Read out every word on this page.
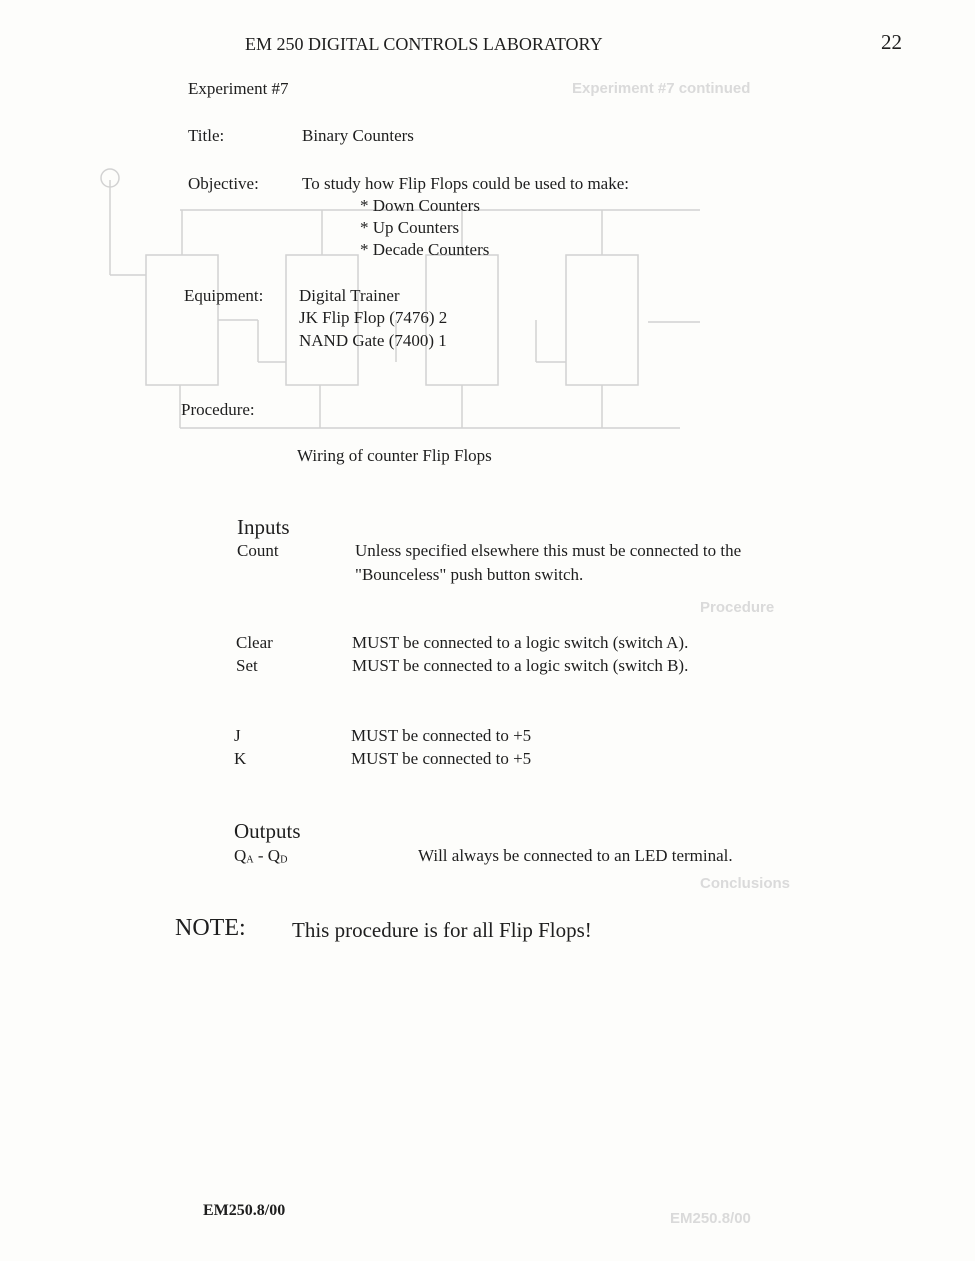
Experiment #7 continued
Procedure
Conclusions
EM250.8/00
EM 250 DIGITAL CONTROLS LABORATORY	22
Experiment #7
Title:	Binary Counters
Objective:	To study how Flip Flops could be used to make:
* Down Counters
* Up Counters
* Decade Counters
Equipment: Digital Trainer
JK Flip Flop (7476) 2
NAND Gate (7400) 1
Procedure:
Wiring of counter Flip Flops
Inputs
Count	Unless specified elsewhere this must be connected to the
"Bounceless" push button switch.
Clear	MUST be connected to a logic switch (switch A).
Set	MUST be connected to a logic switch (switch B).
J	MUST be connected to +5
K	MUST be connected to +5
Outputs
$Q_A - Q_D$	Will always be connected to an LED terminal.
NOTE: This procedure is for all Flip Flops!
EM250.8/00
